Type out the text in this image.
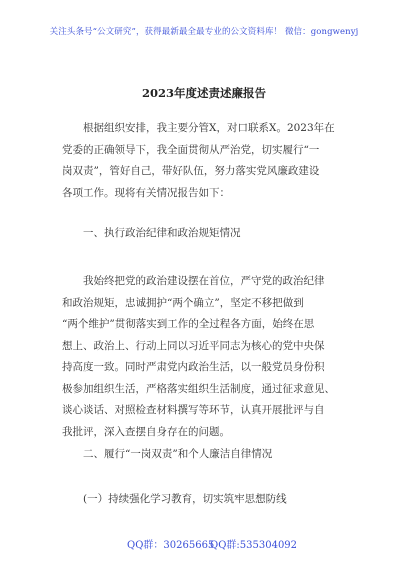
关注头条号“公文研究”，获得最新最全最专业的公文资料库！ 微信：gongwenyj
2023年度述责述廉报告
根据组织安排，我主要分管X，对口联系X。2023年在
党委的正确领导下，我全面贯彻从严治党，切实履行“一
岗双责”，管好自己，带好队伍，努力落实党风廉政建设
各项工作。现将有关情况报告如下：
一、执行政治纪律和政治规矩情况
我始终把党的政治建设摆在首位，严守党的政治纪律
和政治规矩，忠诚拥护“两个确立”，坚定不移把做到
“两个维护”贯彻落实到工作的全过程各方面，始终在思
想上、政治上、行动上同以习近平同志为核心的党中央保
持高度一致。同时严肃党内政治生活，以一般党员身份积
极参加组织生活，严格落实组织生活制度，通过征求意见、
谈心谈话、对照检查材料撰写等环节，认真开展批评与自
我批评，深入查摆自身存在的问题。
二、履行“一岗双责”和个人廉洁自律情况
(一）持续强化学习教育，切实筑牢思想防线
QQ群：30265665
QQ群:535304092
